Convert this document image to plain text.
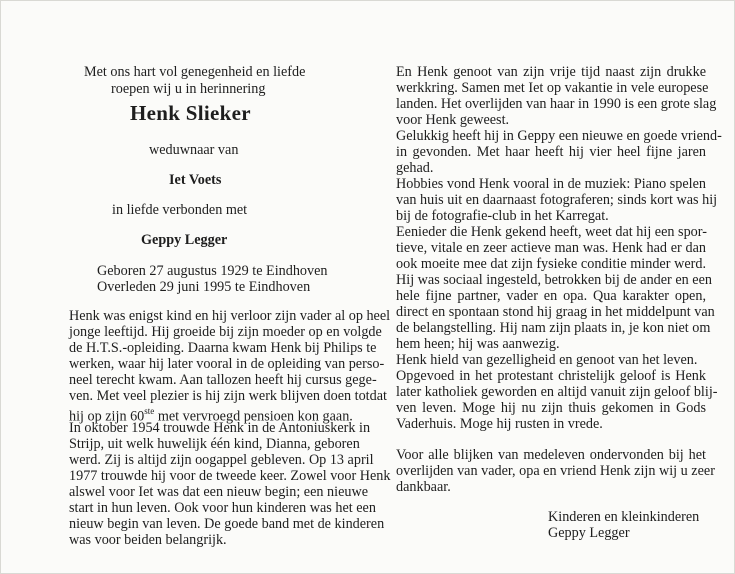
Met ons hart vol genegenheid en liefde
roepen wij u in herinnering
Henk Slieker
weduwnaar van
Iet Voets
in liefde verbonden met
Geppy Legger
Geboren 27 augustus 1929 te Eindhoven
Overleden 29 juni 1995 te Eindhoven
Henk was enigst kind en hij verloor zijn vader al op heel
jonge leeftijd. Hij groeide bij zijn moeder op en volgde
de H.T.S.-opleiding. Daarna kwam Henk bij Philips te
werken, waar hij later vooral in de opleiding van perso-
neel terecht kwam. Aan tallozen heeft hij cursus gege-
ven. Met veel plezier is hij zijn werk blijven doen totdat
hij op zijn 60ste met vervroegd pensioen kon gaan.
In oktober 1954 trouwde Henk in de Antoniuskerk in
Strijp, uit welk huwelijk één kind, Dianna, geboren
werd. Zij is altijd zijn oogappel gebleven. Op 13 april
1977 trouwde hij voor de tweede keer. Zowel voor Henk
alswel voor Iet was dat een nieuw begin; een nieuwe
start in hun leven. Ook voor hun kinderen was het een
nieuw begin van leven. De goede band met de kinderen
was voor beiden belangrijk.
En Henk genoot van zijn vrije tijd naast zijn drukke
werkkring. Samen met Iet op vakantie in vele europese
landen. Het overlijden van haar in 1990 is een grote slag
voor Henk geweest.
Gelukkig heeft hij in Geppy een nieuwe en goede vriend-
in gevonden. Met haar heeft hij vier heel fijne jaren
gehad.
Hobbies vond Henk vooral in de muziek: Piano spelen
van huis uit en daarnaast fotograferen; sinds kort was hij
bij de fotografie-club in het Karregat.
Eenieder die Henk gekend heeft, weet dat hij een spor-
tieve, vitale en zeer actieve man was. Henk had er dan
ook moeite mee dat zijn fysieke conditie minder werd.
Hij was sociaal ingesteld, betrokken bij de ander en een
hele fijne partner, vader en opa. Qua karakter open,
direct en spontaan stond hij graag in het middelpunt van
de belangstelling. Hij nam zijn plaats in, je kon niet om
hem heen; hij was aanwezig.
Henk hield van gezelligheid en genoot van het leven.
Opgevoed in het protestant christelijk geloof is Henk
later katholiek geworden en altijd vanuit zijn geloof blij-
ven leven. Moge hij nu zijn thuis gekomen in Gods
Vaderhuis. Moge hij rusten in vrede.
Voor alle blijken van medeleven ondervonden bij het
overlijden van vader, opa en vriend Henk zijn wij u zeer
dankbaar.
Kinderen en kleinkinderen
Geppy Legger
